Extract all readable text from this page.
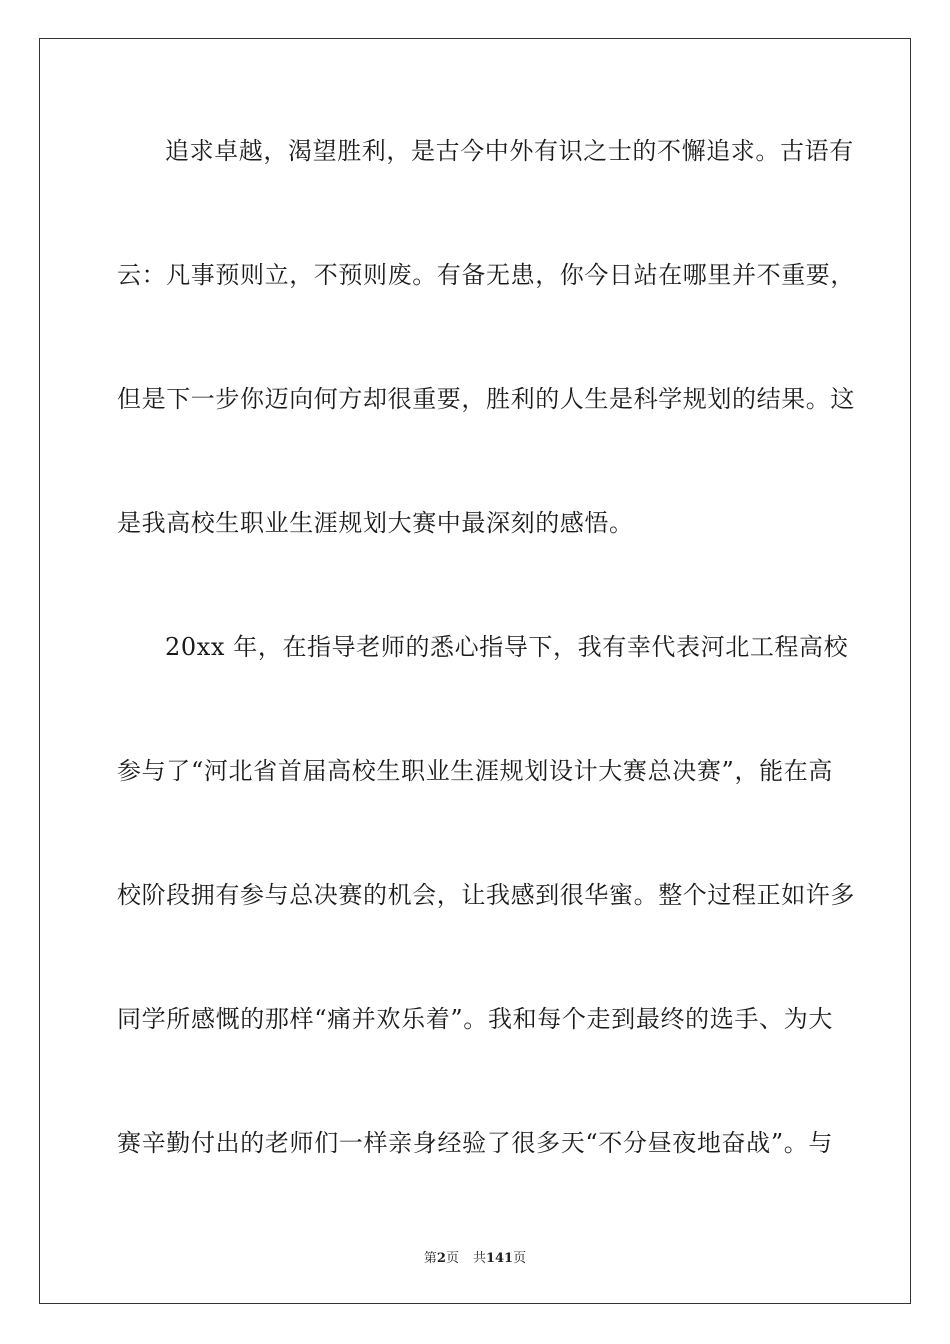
追求卓越，渴望胜利，是古今中外有识之士的不懈追求。古语有
云：凡事预则立，不预则废。有备无患，你今日站在哪里并不重要，
但是下一步你迈向何方却很重要，胜利的人生是科学规划的结果。这
是我高校生职业生涯规划大赛中最深刻的感悟。
20xx 年，在指导老师的悉心指导下，我有幸代表河北工程高校
参与了“河北省首届高校生职业生涯规划设计大赛总决赛”，能在高
校阶段拥有参与总决赛的机会，让我感到很华蜜。整个过程正如许多
同学所感慨的那样“痛并欢乐着”。我和每个走到最终的选手、为大
赛辛勤付出的老师们一样亲身经验了很多天“不分昼夜地奋战”。与
第2页 共141页
